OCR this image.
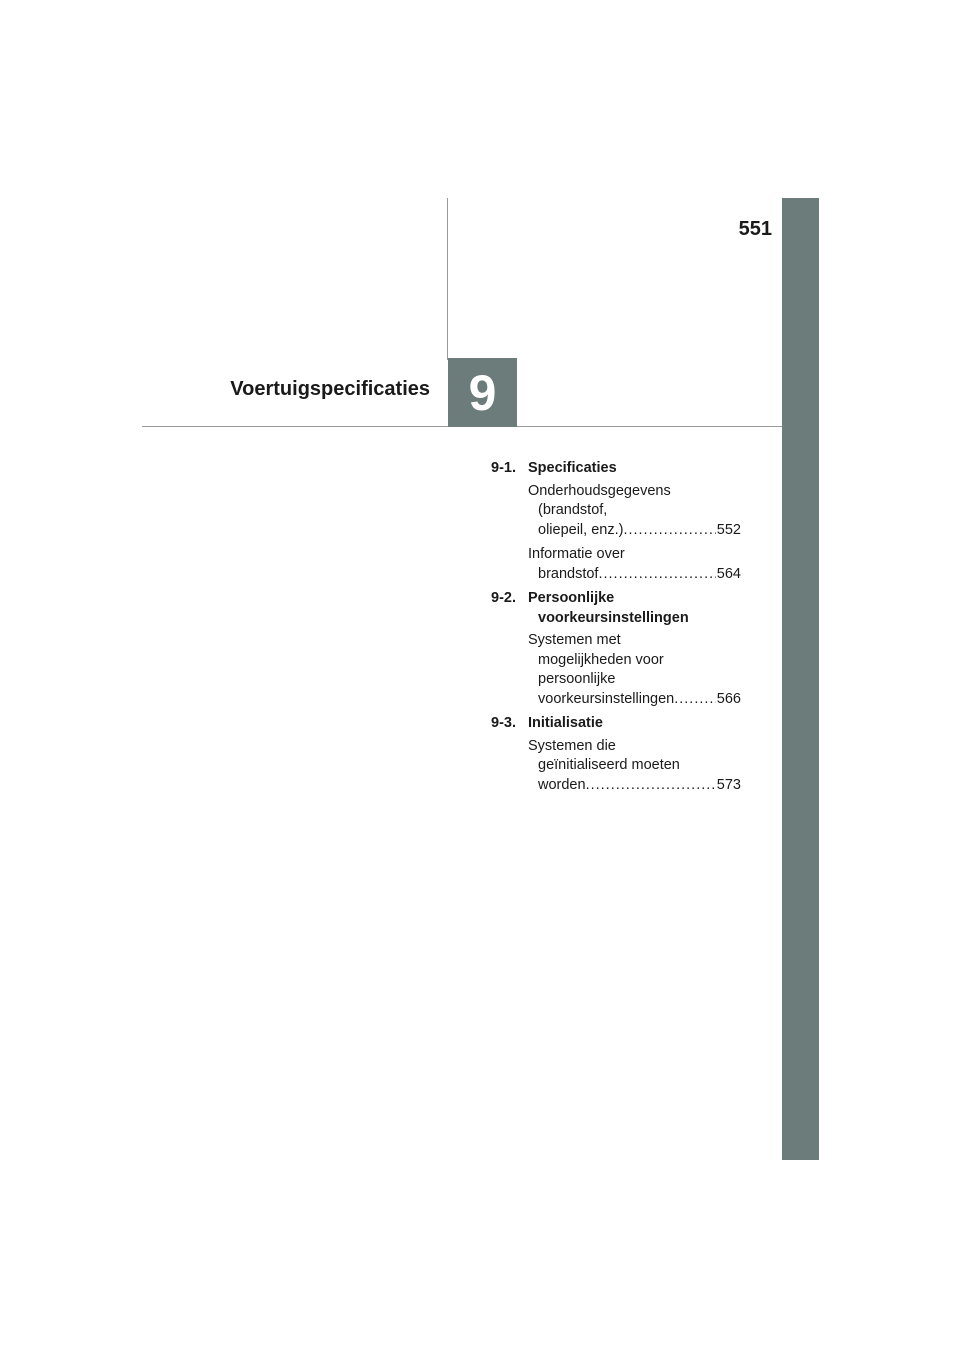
551
Voertuigspecificaties 9
9-1. Specificaties
Onderhoudsgegevens
(brandstof,
oliepeil, enz.) .....	552
Informatie over
brandstof .....	564
9-2. Persoonlijke
voorkeursinstellingen
Systemen met
mogelijkheden voor
persoonlijke
voorkeursinstellingen .....	566
9-3. Initialisatie
Systemen die
geïnitialiseerd moeten
worden .....	573
